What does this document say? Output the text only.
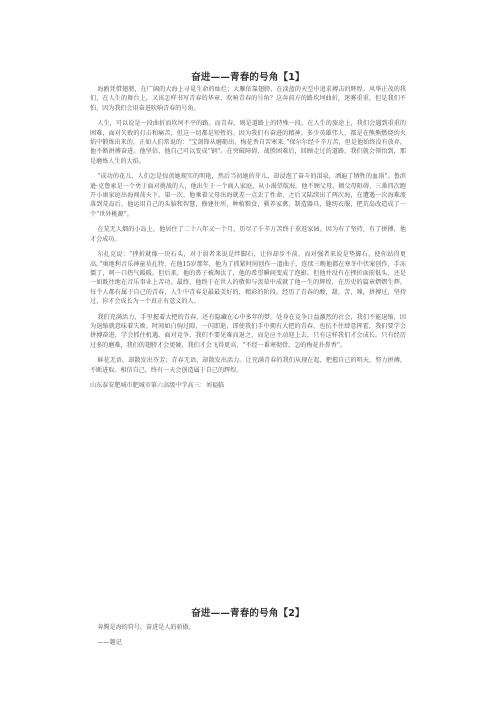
奋进——青春的号角【1】

海鸥凭借翅膀，在广阔的大海上寻觅生命的灿烂；大雁依靠翅膀，在淡蓝的天空中追求搏击的辉煌。风华正茂的我们，在人生的舞台上，又该怎样书写青春的华章，吹响青春的号角？这奔前方的路坎坷曲折，迷雾重重。但是我们不怕，因为我们会用奋进吹响青春的号角。

人生，可以说是一段曲折而坎坷不平的路。而青春，则是道路上的特殊一段。在人生的旅途上，我们会遇到重重的困难，面对失败的打击和痛苦，但这一切都是短暂的。因为我们有奋进的精神。多少英雄伟人，都是在熊熊燃烧的火焰中锻炼出来的，正如人们常说的：“宝剑锋从磨砺出，梅花香自苦寒来。”保尔尔经千辛万苦，但是他始终没有放弃，他不断拼搏奋进。他坚信，他自己可以变成“钢”。在突破障碍、战胜困难后，回顾走过的道路，我们就会领悟到，那是磨炼人生的大焰。

“成功的花儿，人们怎是惊羡她现实的明艳，然后当初她的芽儿，却浸泡了奋斗的泪泉，洒遍了牺牲的血雨”。鲁滨逊·克鲁索是一个勇于面对挑战的人，他出生于一个商人家庭，从小渴望航海。他不顾父母、顿父母阻碍，三番四次跑开小康家庭出海闯荡天下。第一次，他乘着父母出海就差一点丢了性命，之后又陆续出了两次海，在遭遇一次海难流落到荒岛后，他运用自己的头脑和智慧，修建住所，种植粮食，驯养家禽，制造器具，缝纫衣服，把荒岛改造成了一个“世外桃源”。

在荒无人烟的小岛上，他居住了二十八年又一个月，历尽了千辛万苦终于重返家园。因为有了坚持，有了拼搏，他才会成功。

尔扎克说：“挫折就像一块石头，对于弱者来说是绊脚石，让你却步不前，而对强者来说是垫脚石，使你站得更高。”奥地利音乐神童莫扎特，在他15岁那年，他为了抓紧时间创作一道曲子，连续三晚他都在寒冬中伏案创作，手冻僵了，呵一口热气暖暖。但后来，他的鼻子被淘汰了，他的希望瞬间变成了泡影。但他并没有在挫折面前低头，还是一如既往地在音乐事业上苦功。最终，他终于在世人的敬仰与羡慕中成就了他一生的辉煌，在历史的篇章熠熠生辉。每个人都有属于自己的青春，人生中青春是最最美好的，精彩的阶段。经历了青春的酸，甜，苦，辣，拼搏过，坚持过，你才会成长为一个真正有意义的人。

我们充满活力，手里握着大把的青春，还有隐藏在心中多年的梦。处身在竞争日益激烈的社会，我们不能退缩，因为退缩就意味着失败。时间如白驹过隙，一闪即逝，即使我们手中拥有大把的青春，也抗不住肆意挥霍，我们要学会拼搏奋进，学会抓住机遇，面对竞争，我们不要见难而退之，而是应主动迎上去，只有这样我们才会成长。只有经历过多的磨难，我们的翅膀才会更硬，我们才会飞得更高，“不经一番寒彻骨，怎的梅花扑鼻香”。

鲜花无语，却散发出芬芳；青春无语，却散发出活力。让充满青春的我们从现在起，把握自己的明天，努力拼搏，不断进取。相信自己，终有一天会创造属于自己的辉煌。

山东泰安肥城市肥城市第六高级中学高三：刘福临

奋进——青春的号角【2】

奔腾是海的符号，奋进是人的骄傲。

——题记
